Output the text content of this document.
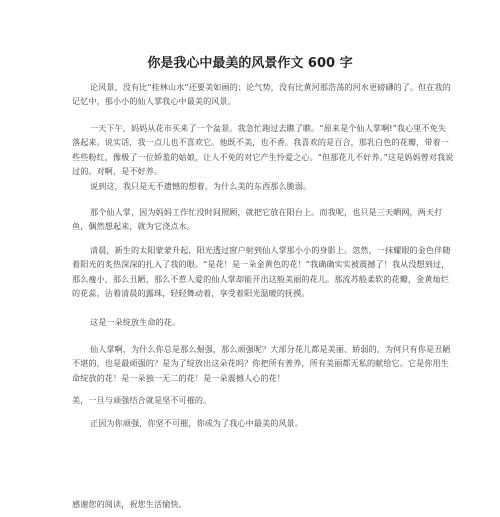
你是我心中最美的风景作文 600 字
论风景，没有比“桂林山水”还要美如画的；论气势，没有比黄河那浩荡的河水更磅礴的了。但在我的记忆中，那小小的仙人掌我心中最美的风景。
一天下午，妈妈从花市买来了一个盆景。我急忙跑过去瞧了瞧。“原来是个仙人掌啊!”我心里不免失落起来。说实话，我一点儿也不喜欢它。他既不美，也不香。我喜欢的是百合，那乳白色的花瓣，带着一些些粉红，像极了一位娇羞的姑娘，让人不免的对它产生怜爱之心。“但那花儿不好养。”这是妈妈曾对我说过的。对啊，是不好养。
说到这，我只是无不遗憾的想着。为什么美的东西那么脆弱。
那个仙人掌，因为妈妈工作忙没时间照顾，就把它放在阳台上。而我呢，也只是三天晒网，两天打鱼，偶然想起来，就为它浇点水。
清晨，新生的太阳蒙蒙升起，阳光透过窗户射到仙人掌那小小的身影上。忽然，一抹耀眼的金色伴随着阳光的炙热深深的扎入了我的眼。“是花！是一朵金黄色的花！”我确确实实被震撼了！我从没想到过，那么瘦小，那么丑陋，那么不惹人爱的仙人掌却能开出这般美丽的花儿。那流苏般柔软的花瓣，金黄灿烂的花蕊，沾着清晨的露珠，轻轻舞动着，享受着阳光温暖的抚摸。
这是一朵绽放生命的花。
仙人掌啊，为什么你总是那么倔强，那么顽强呢？大部分花儿都是美丽、娇弱的，为何只有你是丑陋不堪的，也是最顽强的？是为了绽放出这朵花吗？你把所有普养，所有美丽都无私的献给它。它是你用生命绽放的花！是一朵独一无二的花！是一朵震撼人心的花！
美，一旦与顽强结合就是坚不可摧的。
正因为你顽强，你坚不可摧，你成为了我心中最美的风景。
感谢您的阅读，祝您生活愉快。
